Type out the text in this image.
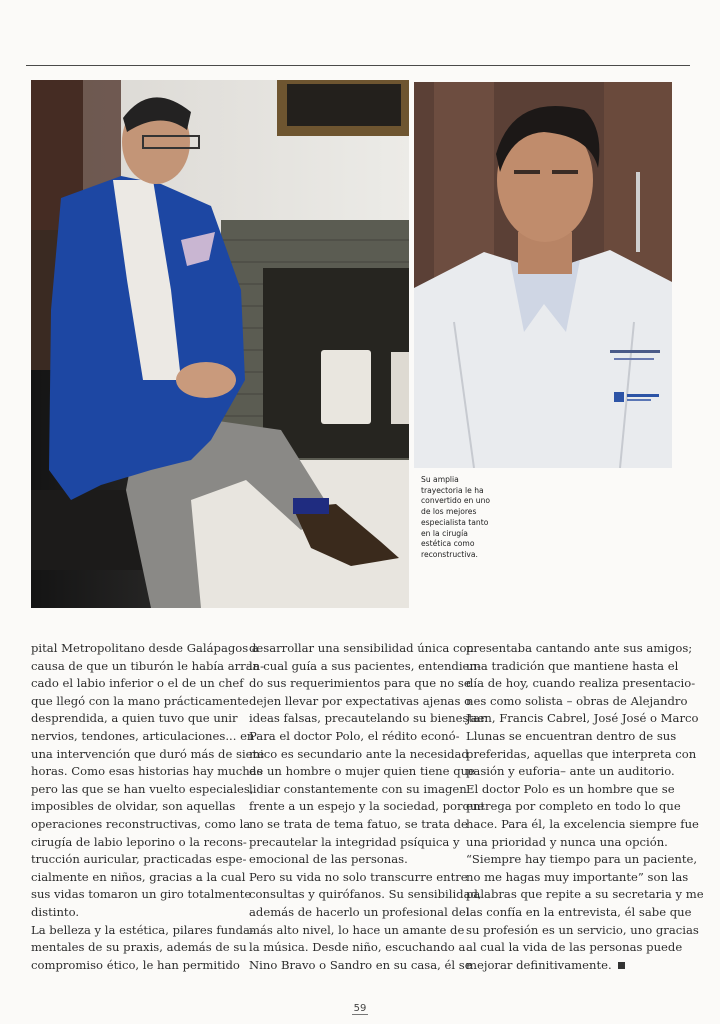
Su amplia
trayectoria le ha
convertido en uno
de los mejores
especialista tanto
en la cirugía
estética como
reconstructiva.
pital Metropolitano desde Galápagos a
causa de que un tiburón le había arran-
cado el labio inferior o el de un chef
que llegó con la mano prácticamente
desprendida, a quien tuvo que unir
nervios, tendones, articulaciones... en
una intervención que duró más de siete
horas. Como esas historias hay muchas
pero las que se han vuelto especiales,
imposibles de olvidar, son aquellas
operaciones reconstructivas, como la
cirugía de labio leporino o la recons-
trucción auricular, practicadas espe-
cialmente en niños, gracias a la cual
sus vidas tomaron un giro totalmente
distinto.
La belleza y la estética, pilares funda-
mentales de su praxis, además de su
compromiso ético, le han permitido
desarrollar una sensibilidad única con
la cual guía a sus pacientes, entendien-
do sus requerimientos para que no se
dejen llevar por expectativas ajenas o
ideas falsas, precautelando su bienestar.
Para el doctor Polo, el rédito econó-
mico es secundario ante la necesidad
de un hombre o mujer quien tiene que
lidiar constantemente con su imagen
frente a un espejo y la sociedad, porque
no se trata de tema fatuo, se trata de
precautelar la integridad psíquica y
emocional de las personas.
Pero su vida no solo transcurre entre
consultas y quirófanos. Su sensibilidad,
además de hacerlo un profesional del
más alto nivel, lo hace un amante de
la música. Desde niño, escuchando a
Nino Bravo o Sandro en su casa, él se
presentaba cantando ante sus amigos;
una tradición que mantiene hasta el
día de hoy, cuando realiza presentacio-
nes como solista – obras de Alejandro
Jaen, Francis Cabrel, José José o Marco
Llunas se encuentran dentro de sus
preferidas, aquellas que interpreta con
pasión y euforia– ante un auditorio.
El doctor Polo es un hombre que se
entrega por completo en todo lo que
hace. Para él, la excelencia siempre fue
una prioridad y nunca una opción.
“Siempre hay tiempo para un paciente,
no me hagas muy importante” son las
palabras que repite a su secretaria y me
las confía en la entrevista, él sabe que
su profesión es un servicio, uno gracias
al cual la vida de las personas puede
mejorar definitivamente.
59
